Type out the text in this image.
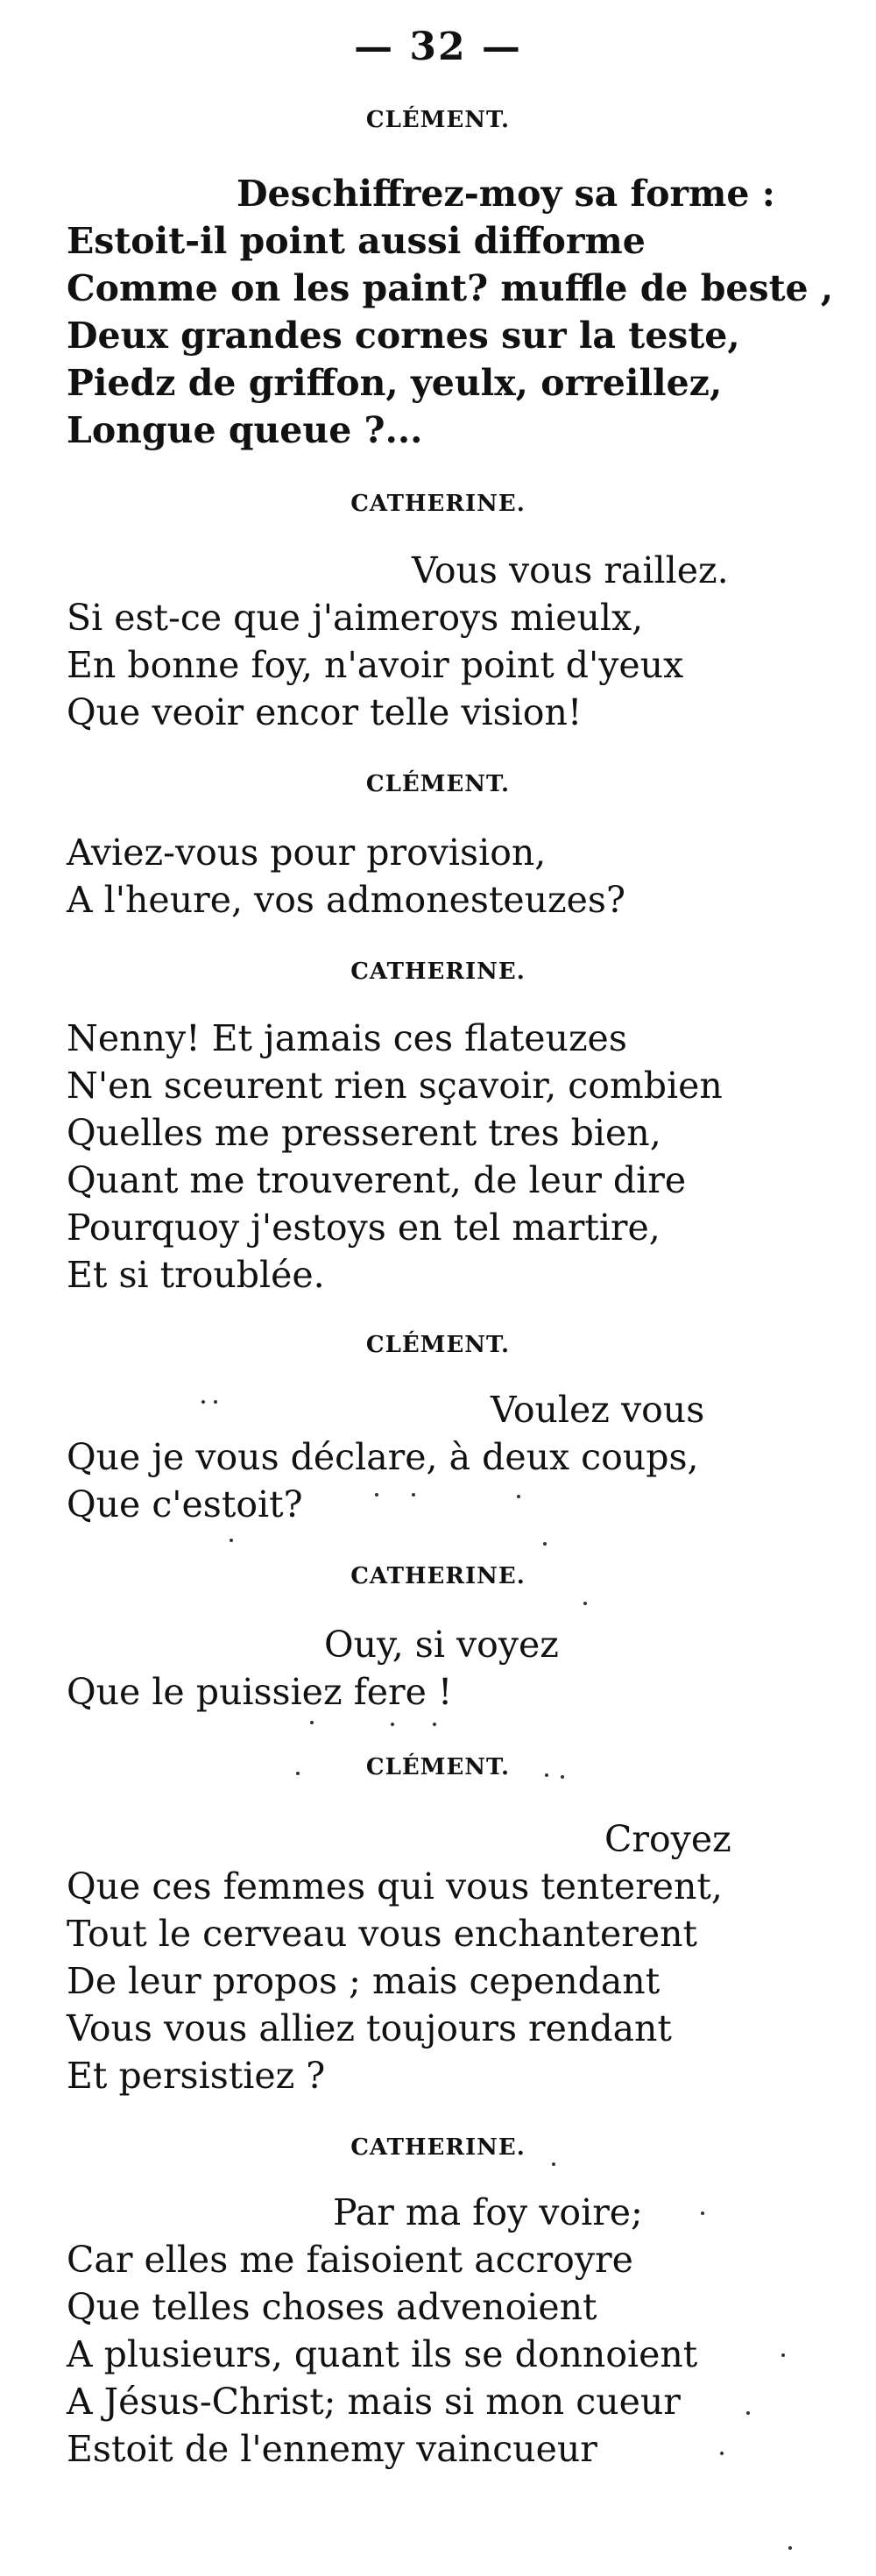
— 32 —
CLÉMENT.
Deschiffrez-moy sa forme :
Estoit-il point aussi difforme
Comme on les paint? muffle de beste ,
Deux grandes cornes sur la teste,
Piedz de griffon, yeulx, orreillez,
Longue queue ?...
CATHERINE.
Vous vous raillez.
Si est-ce que j'aimeroys mieulx,
En bonne foy, n'avoir point d'yeux
Que veoir encor telle vision!
CLÉMENT.
Aviez-vous pour provision,
A l'heure, vos admonesteuzes?
CATHERINE.
Nenny! Et jamais ces flateuzes
N'en sceurent rien sçavoir, combien
Quelles me presserent tres bien,
Quant me trouverent, de leur dire
Pourquoy j'estoys en tel martire,
Et si troublée.
CLÉMENT.
Voulez vous
Que je vous déclare, à deux coups,
Que c'estoit?
CATHERINE.
Ouy, si voyez
Que le puissiez fere !
CLÉMENT.
Croyez
Que ces femmes qui vous tenterent,
Tout le cerveau vous enchanterent
De leur propos ; mais cependant
Vous vous alliez toujours rendant
Et persistiez ?
CATHERINE.
Par ma foy voire;
Car elles me faisoient accroyre
Que telles choses advenoient
A plusieurs, quant ils se donnoient
A Jésus-Christ; mais si mon cueur
Estoit de l'ennemy vaincueur
